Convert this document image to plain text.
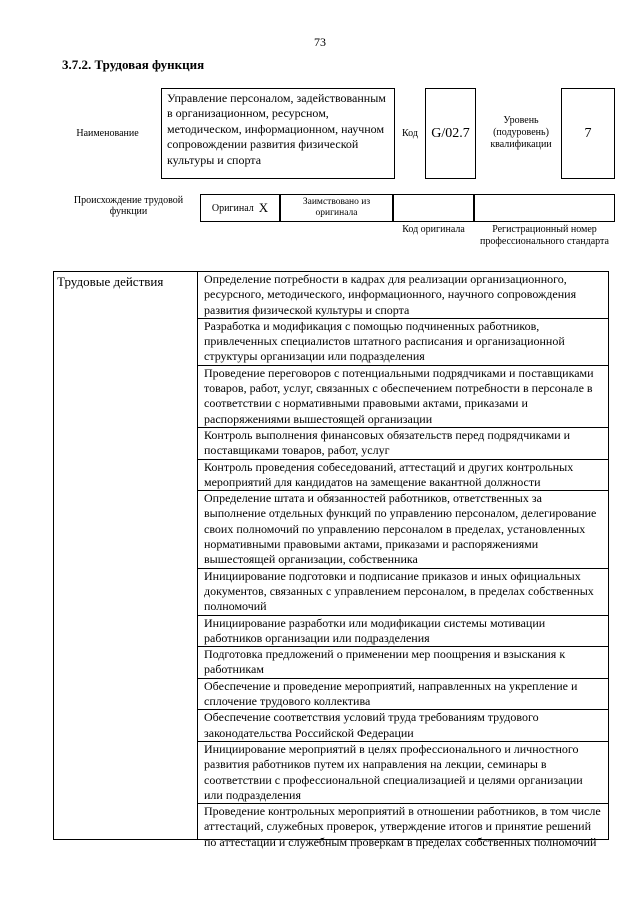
73
3.7.2. Трудовая функция
Наименование
Управление персоналом, задействованным в организационном, ресурсном, методическом, информационном, научном сопровождении развития физической культуры и спорта
Код G/02.7
Уровень (подуровень) квалификации
7
Происхождение трудовой функции	Оригинал X	Заимствовано из оригинала
Код оригинала	Регистрационный номер профессионального стандарта
Трудовые действия	Определение потребности в кадрах для реализации организационного, ресурсного, методического, информационного, научного сопровождения развития физической культуры и спорта
Разработка и модификация с помощью подчиненных работников, привлеченных специалистов штатного расписания и организационной структуры организации или подразделения
Проведение переговоров с потенциальными подрядчиками и поставщиками товаров, работ, услуг, связанных с обеспечением потребности в персонале в соответствии с нормативными правовыми актами, приказами и распоряжениями вышестоящей организации
Контроль выполнения финансовых обязательств перед подрядчиками и поставщиками товаров, работ, услуг
Контроль проведения собеседований, аттестаций и других контрольных мероприятий для кандидатов на замещение вакантной должности
Определение штата и обязанностей работников, ответственных за выполнение отдельных функций по управлению персоналом, делегирование своих полномочий по управлению персоналом в пределах, установленных нормативными правовыми актами, приказами и распоряжениями вышестоящей организации, собственника
Инициирование подготовки и подписание приказов и иных официальных документов, связанных с управлением персоналом, в пределах собственных полномочий
Инициирование разработки или модификации системы мотивации работников организации или подразделения
Подготовка предложений о применении мер поощрения и взыскания к работникам
Обеспечение и проведение мероприятий, направленных на укрепление и сплочение трудового коллектива
Обеспечение соответствия условий труда требованиям трудового законодательства Российской Федерации
Инициирование мероприятий в целях профессионального и личностного развития работников путем их направления на лекции, семинары в соответствии с профессиональной специализацией и целями организации или подразделения
Проведение контрольных мероприятий в отношении работников, в том числе аттестаций, служебных проверок, утверждение итогов и принятие решений по аттестации и служебным проверкам в пределах собственных полномочий
